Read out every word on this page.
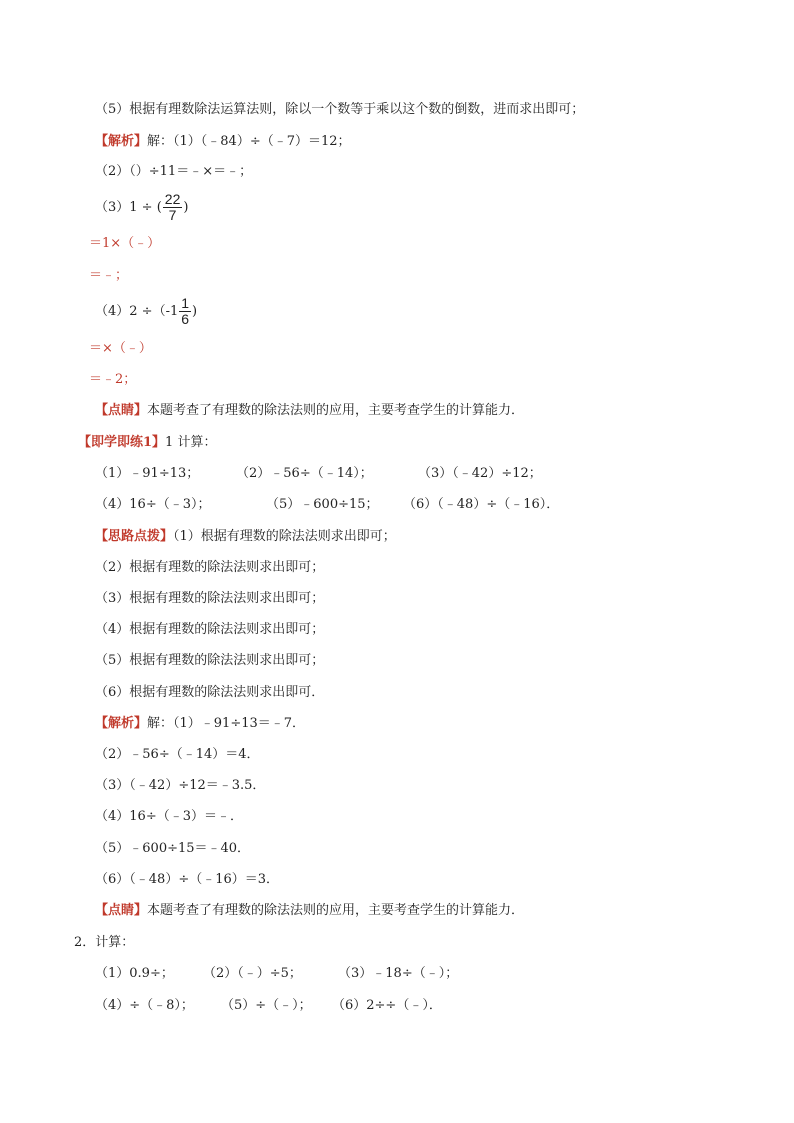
（5）根据有理数除法运算法则，除以一个数等于乘以这个数的倒数，进而求出即可；
【解析】解：（1）（﹣84）÷（﹣7）＝12；
（2）（）÷11＝﹣×＝﹣；
（3）1 ÷ ( $\frac{22}{7}$ )
＝1×（﹣）
＝﹣；
$(4)2 \div(-1 \frac{1}{6}$ )
＝×（﹣）
＝﹣2；
【点睛】本题考查了有理数的除法法则的应用，主要考查学生的计算能力．
【即学即练1】1 计算：
（1）﹣91÷13；	（2）﹣56÷（﹣14）；	（3）（﹣42）÷12；
（4）16÷（﹣3）；	（5）﹣600÷15； （6）（﹣48）÷（﹣16）．
【思路点拨】（1）根据有理数的除法法则求出即可；
（2）根据有理数的除法法则求出即可；
（3）根据有理数的除法法则求出即可；
（4）根据有理数的除法法则求出即可；
（5）根据有理数的除法法则求出即可；
（6）根据有理数的除法法则求出即可．
【解析】解：（1）﹣91÷13＝﹣7．
（2）﹣56÷（﹣14）＝4．
（3）（﹣42）÷12＝﹣3.5．
（4）16÷（﹣3）＝﹣．
（5）﹣600÷15＝﹣40．
（6）（﹣48）÷（﹣16）＝3．
【点睛】本题考查了有理数的除法法则的应用，主要考查学生的计算能力．
2．计算：
（1）0.9÷； （2）（﹣）÷5；	（3）﹣18÷（﹣）；
（4）÷（﹣8）； （5）÷（﹣）； （6）2÷÷（﹣）．
